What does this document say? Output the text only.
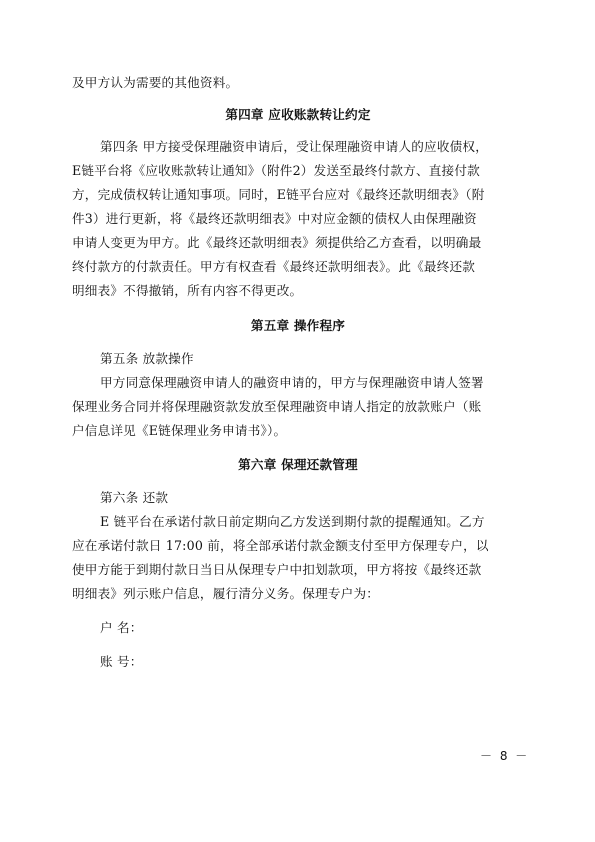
及甲方认为需要的其他资料。
第四章 应收账款转让约定
第四条 甲方接受保理融资申请后，受让保理融资申请人的应收债权，
E链平台将《应收账款转让通知》（附件2）发送至最终付款方、直接付款
方，完成债权转让通知事项。同时，E链平台应对《最终还款明细表》（附
件3）进行更新，将《最终还款明细表》中对应金额的债权人由保理融资
申请人变更为甲方。此《最终还款明细表》须提供给乙方查看，以明确最
终付款方的付款责任。甲方有权查看《最终还款明细表》。此《最终还款
明细表》不得撤销，所有内容不得更改。
第五章 操作程序
第五条 放款操作
甲方同意保理融资申请人的融资申请的，甲方与保理融资申请人签署
保理业务合同并将保理融资款发放至保理融资申请人指定的放款账户（账
户信息详见《E链保理业务申请书》）。
第六章 保理还款管理
第六条 还款
E 链平台在承诺付款日前定期向乙方发送到期付款的提醒通知。乙方
应在承诺付款日 17:00 前，将全部承诺付款金额支付至甲方保理专户，以
使甲方能于到期付款日当日从保理专户中扣划款项，甲方将按《最终还款
明细表》列示账户信息，履行清分义务。保理专户为：
户 名：
账 号：
－ 8 －
